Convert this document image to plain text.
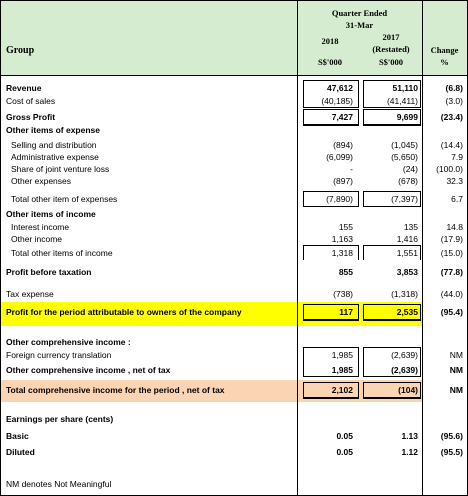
Group
Quarter Ended
31-Mar
2018
S$'000
2017
(Restated)
S$'000
Change
%
Revenue	47,612	51,110	(6.8)
Cost of sales	(40,185)	(41,411)	(3.0)
Gross Profit	7,427	9,699	(23.4)
Other items of expense
Selling and distribution	(894)	(1,045)	(14.4)
Administrative expense	(6,099)	(5,650)	7.9
Share of joint venture loss	-	(24)	(100.0)
Other expenses	(897)	(678)	32.3
Total other item of expenses	(7,890)	(7,397)	6.7
Other items of income
Interest income	155	135	14.8
Other income	1,163	1,416	(17.9)
Total other items of income	1,318	1,551	(15.0)
Profit before taxation	855	3,853	(77.8)
Tax expense	(738)	(1,318)	(44.0)
Profit for the period attributable to owners of the company	117	2,535	(95.4)
Other comprehensive income :
Foreign currency translation	1,985	(2,639)	NM
Other comprehensive income , net of tax	1,985	(2,639)	NM
Total comprehensive income for the period , net of tax	2,102	(104)	NM
Earnings per share (cents)
Basic	0.05	1.13	(95.6)
Diluted	0.05	1.12	(95.5)
NM denotes Not Meaningful
